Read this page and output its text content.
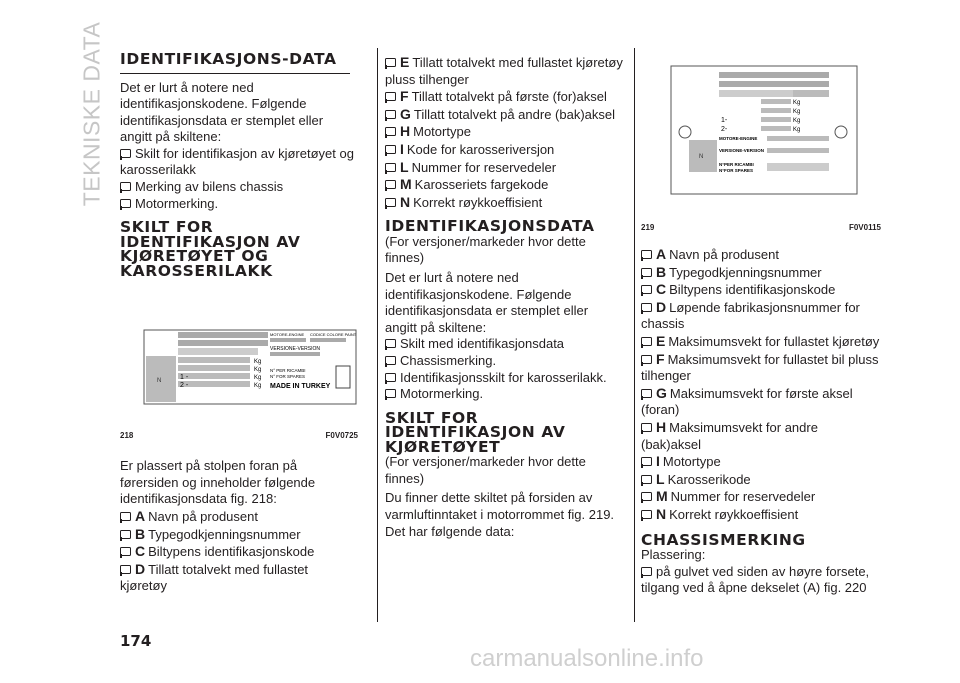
TEKNISKE DATA IDENTIFIKASJONS-DATA

Det er lurt å notere ned identifikasjonskodene. Følgende identifikasjonsdata er stemplet eller angitt på skiltene:

Skilt for identifikasjon av kjøretøyet og karosserilakk
Merking av bilens chassis
Motormerking.
SKILT FOR IDENTIFIKASJON AV KJØRETØYET OG KAROSSERILAKK
N
Kg
Kg
Kg
Kg
1 -
2 -
MOTORE-ENGINE CODICE COLORE PAINT
VERSIONE-VERSION
N° PER RICAMBI
N° FOR SPARES
MADE IN TURKEY
218	F0V0725

Er plassert på stolpen foran på førersiden og inneholder følgende identifikasjonsdata fig. 218:

A Navn på produsent
B Typegodkjenningsnummer
C Biltypens identifikasjonskode
D Tillatt totalvekt med fullastet kjøretøy
E Tillatt totalvekt med fullastet kjøretøy pluss tilhenger
F Tillatt totalvekt på første (for)aksel
G Tillatt totalvekt på andre (bak)aksel
H Motortype
I Kode for karosseriversjon
L Nummer for reservedeler
M Karosseriets fargekode
N Korrekt røykkoeffisient
IDENTIFIKASJONSDATA

(For versjoner/markeder hvor dette finnes)

Det er lurt å notere ned identifikasjonskodene. Følgende identifikasjonsdata er stemplet eller angitt på skiltene:

Skilt med identifikasjonsdata
Chassismerking.
Identifikasjonsskilt for karosserilakk.
Motormerking.
SKILT FOR IDENTIFIKASJON AV KJØRETØYET

(For versjoner/markeder hvor dette finnes)

Du finner dette skiltet på forsiden av varmluftinntaket i motorrommet fig. 219. Det har følgende data:

Kg
Kg
Kg
Kg
1-
2-
MOTORE-ENGINE
VERSIONE-VERSION
N
N°PER RICAMBI
N°FOR SPARES
219	F0V0115
A Navn på produsent
B Typegodkjenningsnummer
C Biltypens identifikasjonskode
D Løpende fabrikasjonsnummer for chassis
E Maksimumsvekt for fullastet kjøretøy
F Maksimumsvekt for fullastet bil pluss tilhenger
G Maksimumsvekt for første aksel (foran)
H Maksimumsvekt for andre (bak)aksel
I Motortype
L Karosserikode
M Nummer for reservedeler
N Korrekt røykkoeffisient
CHASSISMERKING

Plassering:

på gulvet ved siden av høyre forsete, tilgang ved å åpne dekselet (A) fig. 220
174
carmanualsonline.info
